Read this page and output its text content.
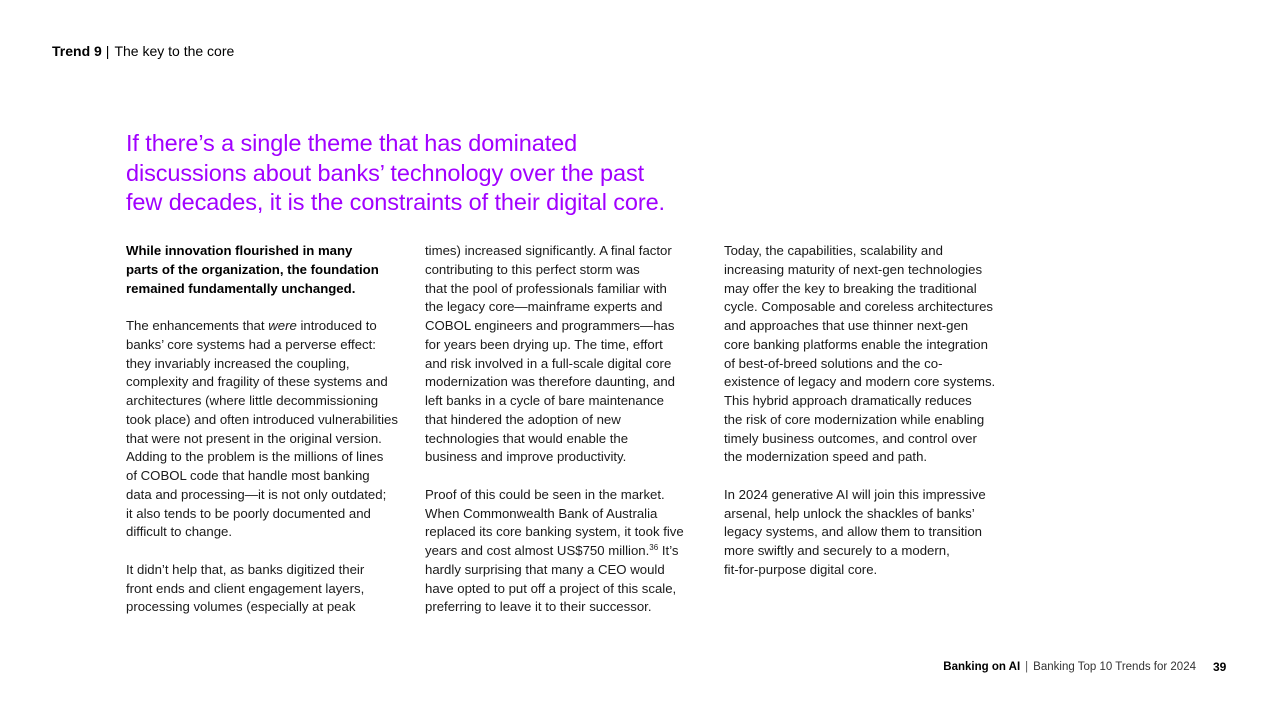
Trend 9 | The key to the core
If there’s a single theme that has dominated
discussions about banks’ technology over the past
few decades, it is the constraints of their digital core.
While innovation flourished in many
parts of the organization, the foundation
remained fundamentally unchanged.
The enhancements that were introduced to
banks’ core systems had a perverse effect:
they invariably increased the coupling,
complexity and fragility of these systems and
architectures (where little decommissioning
took place) and often introduced vulnerabilities
that were not present in the original version.
Adding to the problem is the millions of lines
of COBOL code that handle most banking
data and processing—it is not only outdated;
it also tends to be poorly documented and
difficult to change.
It didn’t help that, as banks digitized their
front ends and client engagement layers,
processing volumes (especially at peak
times) increased significantly. A final factor
contributing to this perfect storm was
that the pool of professionals familiar with
the legacy core—mainframe experts and
COBOL engineers and programmers—has
for years been drying up. The time, effort
and risk involved in a full-scale digital core
modernization was therefore daunting, and
left banks in a cycle of bare maintenance
that hindered the adoption of new
technologies that would enable the
business and improve productivity.
Proof of this could be seen in the market.
When Commonwealth Bank of Australia
replaced its core banking system, it took five
years and cost almost US$750 million.$^{36}$ It’s
hardly surprising that many a CEO would
have opted to put off a project of this scale,
preferring to leave it to their successor.
Today, the capabilities, scalability and
increasing maturity of next-gen technologies
may offer the key to breaking the traditional
cycle. Composable and coreless architectures
and approaches that use thinner next-gen
core banking platforms enable the integration
of best-of-breed solutions and the co-
existence of legacy and modern core systems.
This hybrid approach dramatically reduces
the risk of core modernization while enabling
timely business outcomes, and control over
the modernization speed and path.
In 2024 generative AI will join this impressive
arsenal, help unlock the shackles of banks’
legacy systems, and allow them to transition
more swiftly and securely to a modern,
fit-for-purpose digital core.
Banking on AI | Banking Top 10 Trends for 2024 39
